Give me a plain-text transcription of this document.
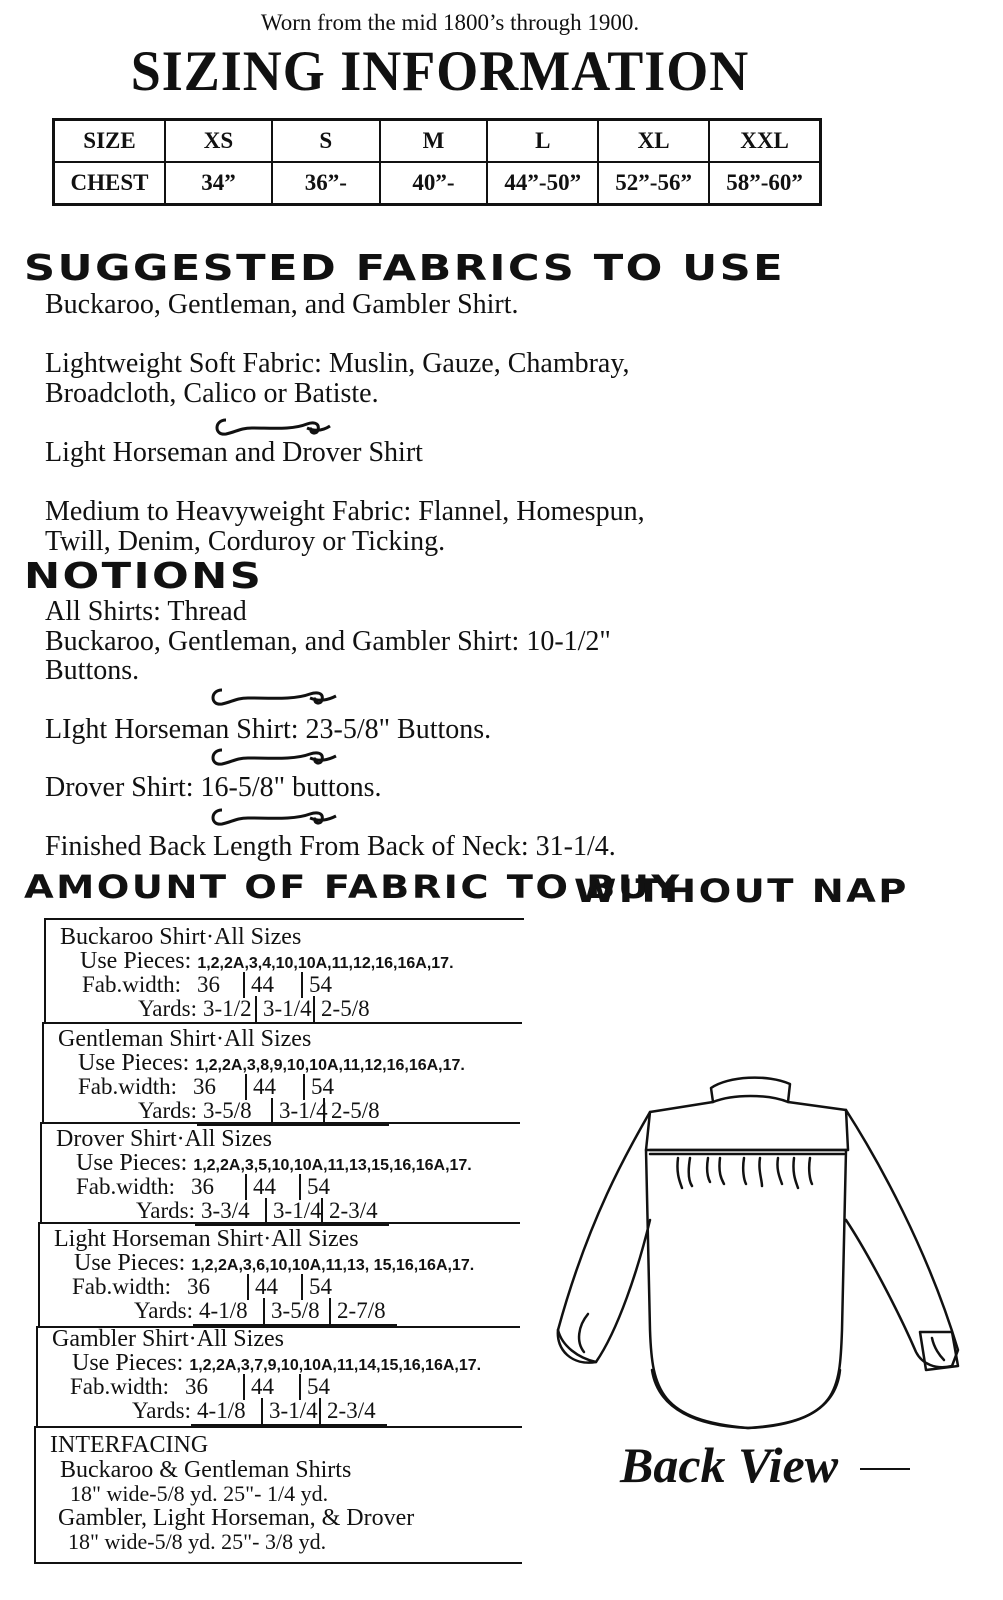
Worn from the mid 1800’s through 1900.
SIZING INFORMATION
SIZE	XS	S	M	L	XL	XXL
CHEST	34”	36”-	40”-	44”-50”	52”-56”	58”-60”
SUGGESTED FABRICS TO USE
Buckaroo, Gentleman, and Gambler Shirt.
Lightweight Soft Fabric: Muslin, Gauze, Chambray,
Broadcloth, Calico or Batiste.
Light Horseman and Drover Shirt
Medium to Heavyweight Fabric: Flannel, Homespun,
Twill, Denim, Corduroy or Ticking.
NOTIONS
All Shirts: Thread
Buckaroo, Gentleman, and Gambler Shirt: 10-1/2"
Buttons.
LIght Horseman Shirt: 23-5/8" Buttons.
Drover Shirt: 16-5/8" buttons.
Finished Back Length From Back of Neck: 31-1/4.
AMOUNT OF FABRIC TO BUY
WITHOUT NAP
Buckaroo Shirt·All Sizes
Use Pieces: 1,2,2A,3,4,10,10A,11,12,16,16A,17.
Fab.width: 36 44 54
Yards: 3-1/2 3-1/4 2-5/8
Gentleman Shirt·All Sizes
Use Pieces: 1,2,2A,3,8,9,10,10A,11,12,16,16A,17.
Fab.width: 36 44 54
Yards: 3-5/8 3-1/4 2-5/8
Drover Shirt·All Sizes
Use Pieces: 1,2,2A,3,5,10,10A,11,13,15,16,16A,17.
Fab.width: 36 44 54
Yards: 3-3/4 3-1/4 2-3/4
Light Horseman Shirt·All Sizes
Use Pieces: 1,2,2A,3,6,10,10A,11,13, 15,16,16A,17.
Fab.width: 36 44 54
Yards: 4-1/8 3-5/8 2-7/8
Gambler Shirt·All Sizes
Use Pieces: 1,2,2A,3,7,9,10,10A,11,14,15,16,16A,17.
Fab.width: 36 44 54
Yards: 4-1/8 3-1/4 2-3/4
INTERFACING
Buckaroo & Gentleman Shirts
18" wide-5/8 yd. 25"- 1/4 yd.
Gambler, Light Horseman, & Drover
18" wide-5/8 yd. 25"- 3/8 yd.
Back View
